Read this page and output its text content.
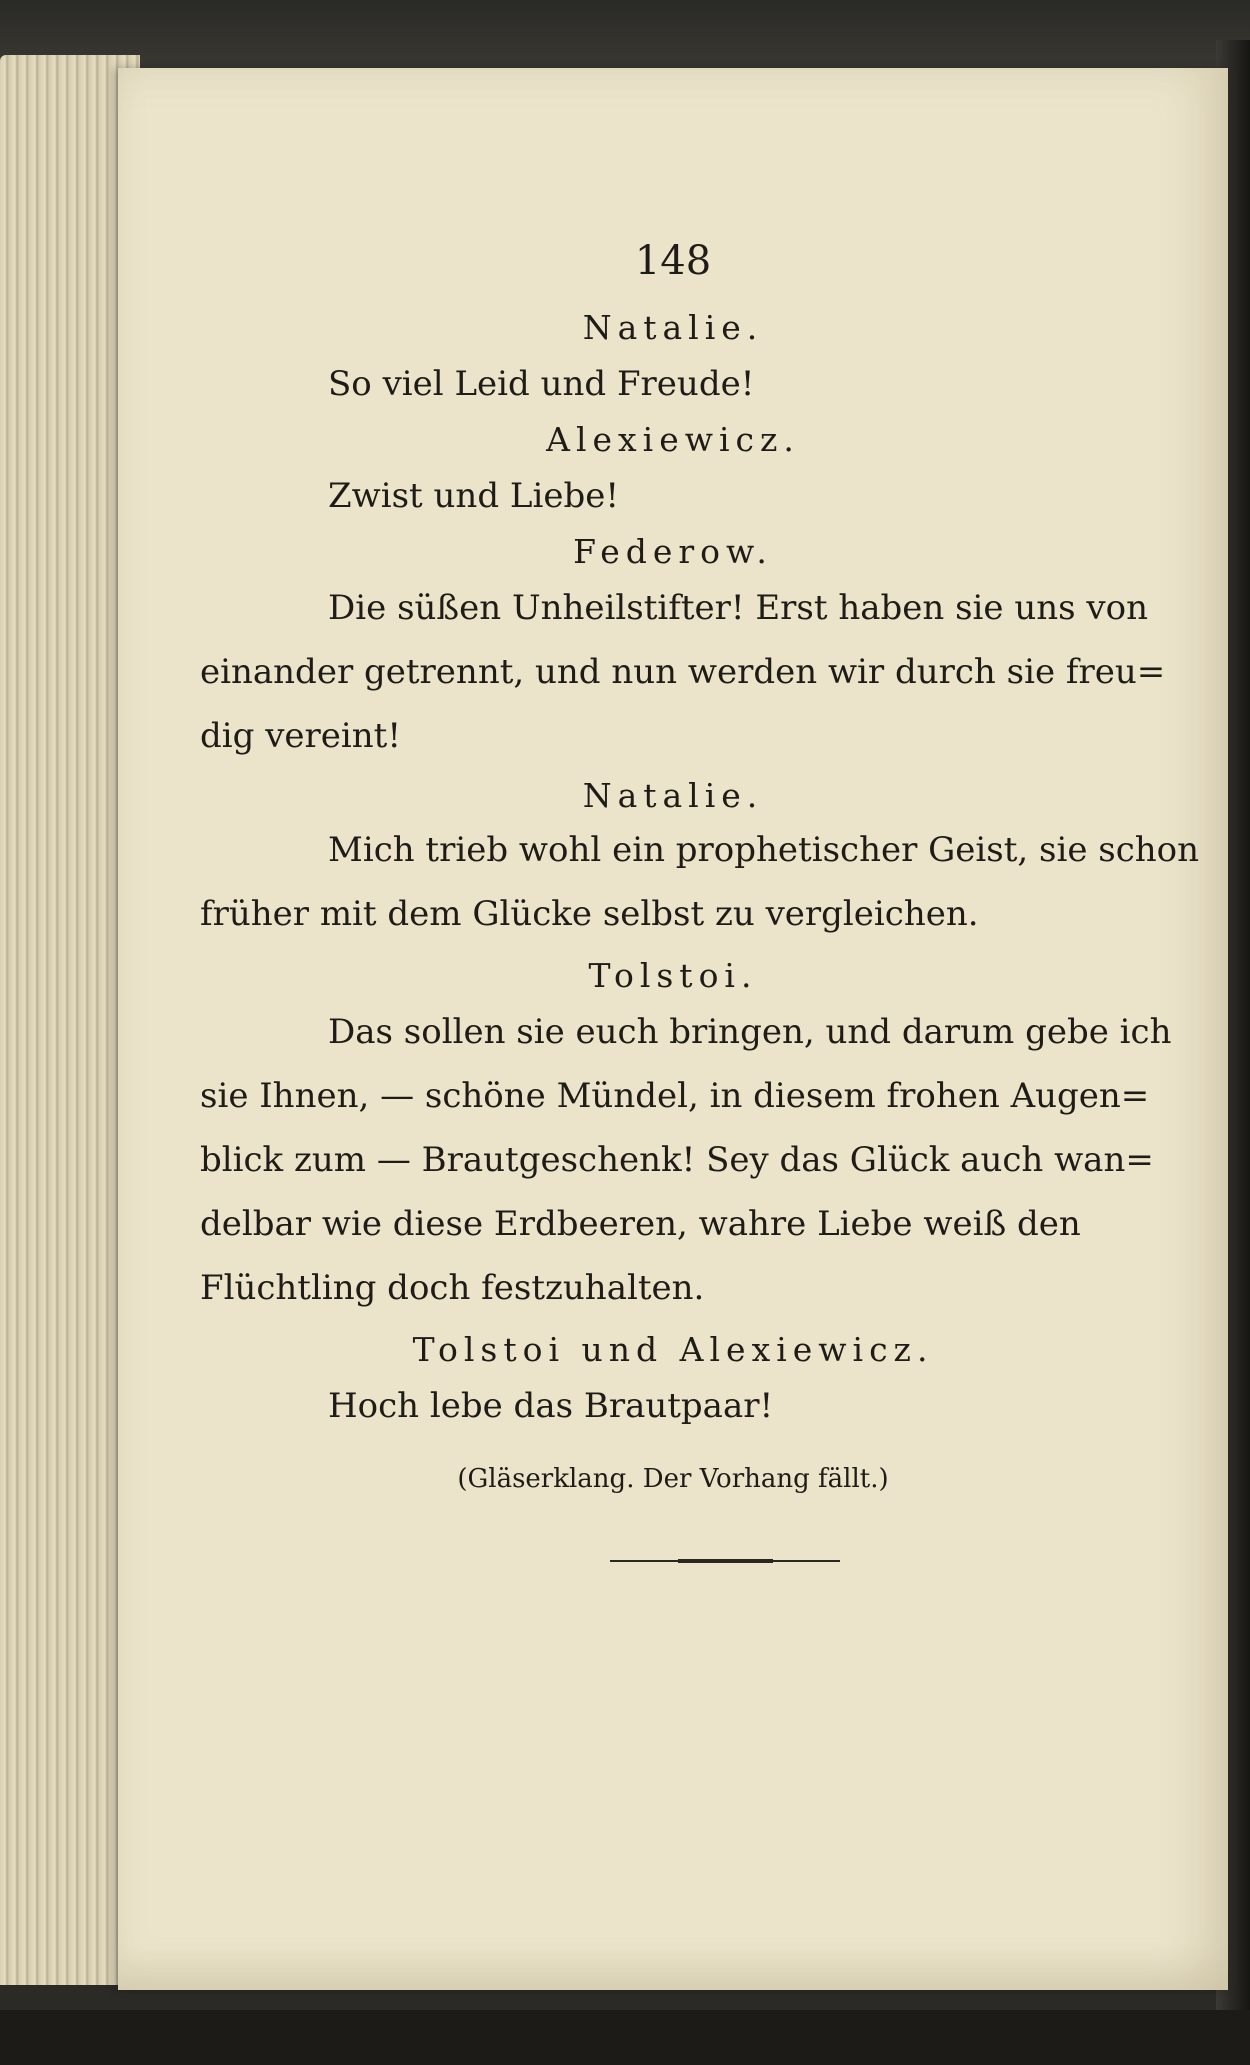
148
Natalie.
So viel Leid und Freude!
Alexiewicz.
Zwist und Liebe!
Federow.
Die süßen Unheilstifter! Erst haben sie uns von
einander getrennt, und nun werden wir durch sie freu=
dig vereint!
Natalie.
Mich trieb wohl ein prophetischer Geist, sie schon
früher mit dem Glücke selbst zu vergleichen.
Tolstoi.
Das sollen sie euch bringen, und darum gebe ich
sie Ihnen, — schöne Mündel, in diesem frohen Augen=
blick zum — Brautgeschenk! Sey das Glück auch wan=
delbar wie diese Erdbeeren, wahre Liebe weiß den
Flüchtling doch festzuhalten.
Tolstoi und Alexiewicz.
Hoch lebe das Brautpaar!
(Gläserklang. Der Vorhang fällt.)
